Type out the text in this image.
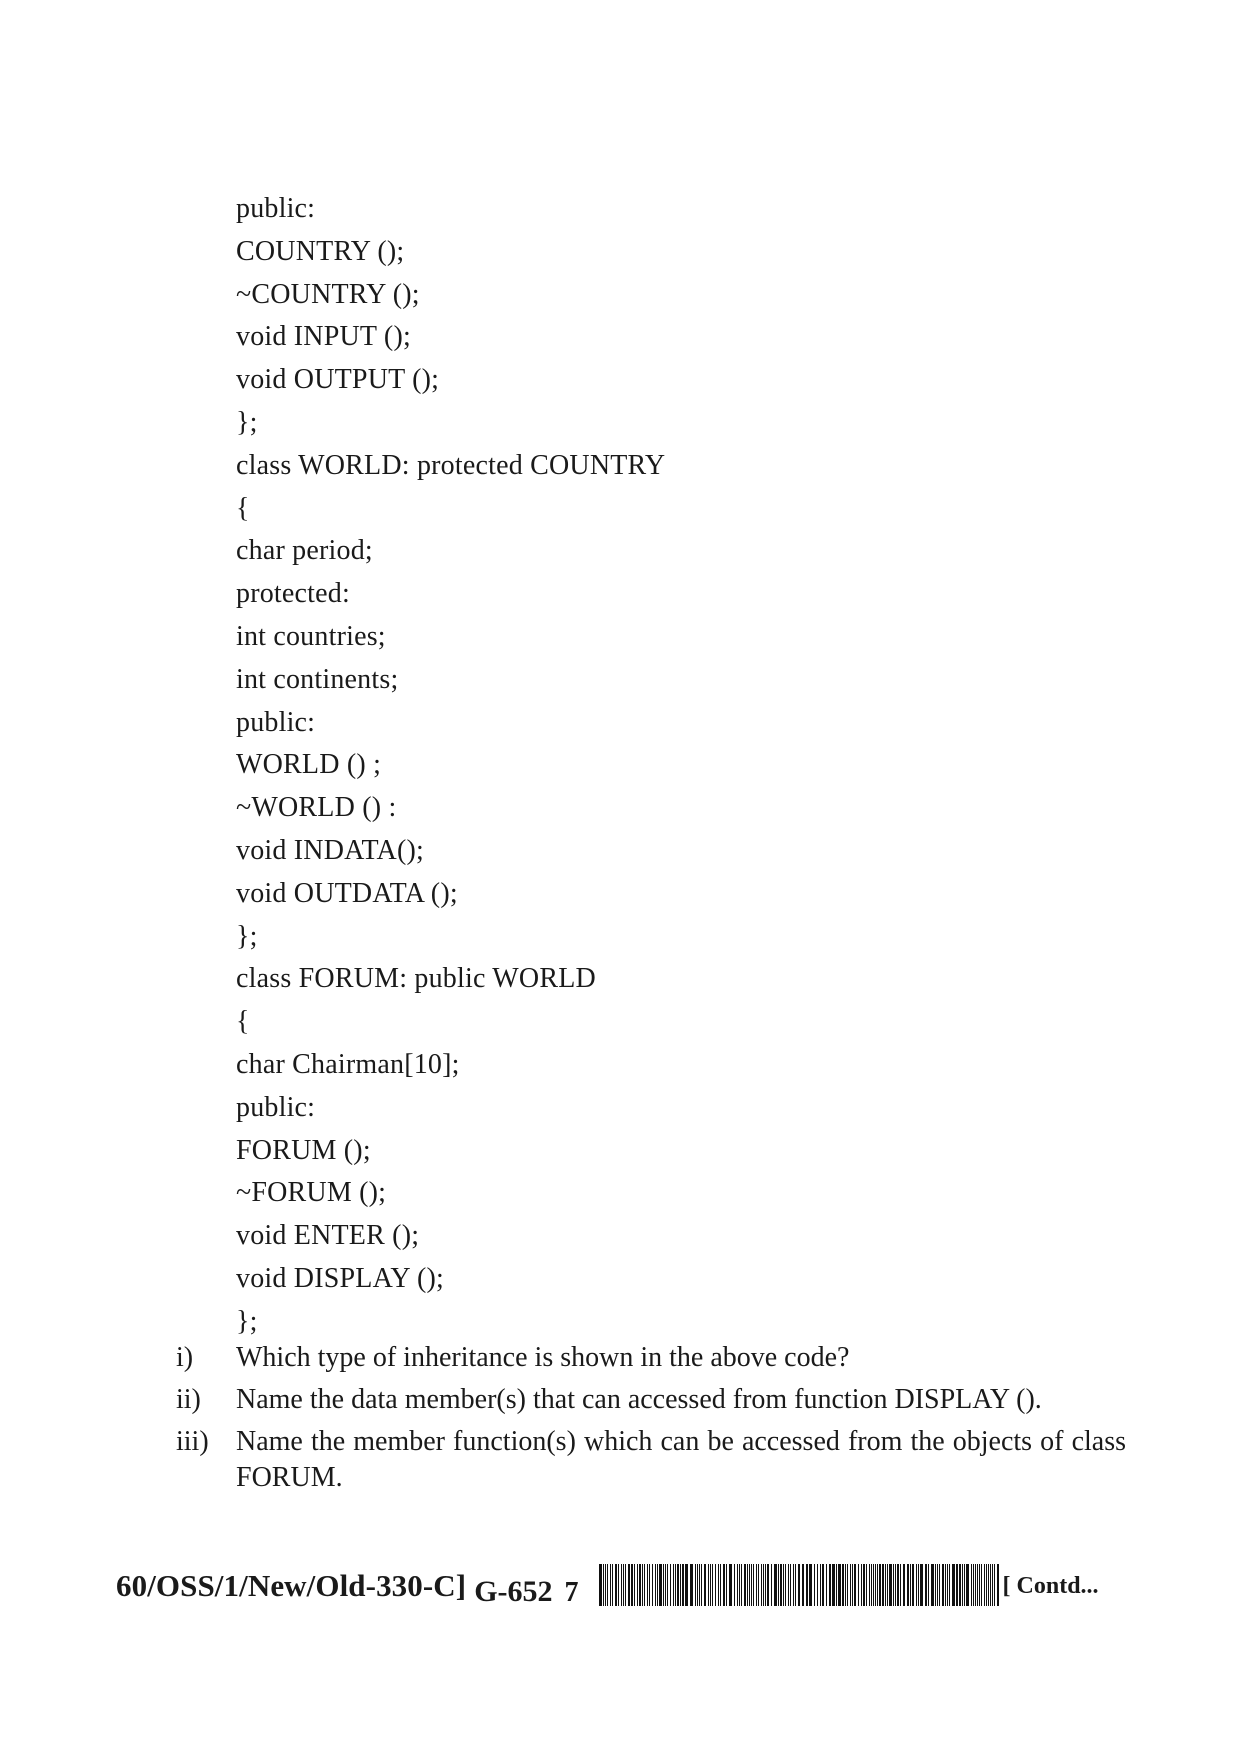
public:
COUNTRY ();
~COUNTRY ();
void INPUT ();
void OUTPUT ();
};
class WORLD: protected COUNTRY
{
char period;
protected:
int countries;
int continents;
public:
WORLD () ;
~WORLD () :
void INDATA();
void OUTDATA ();
};
class FORUM: public WORLD
{
char Chairman[10];
public:
FORUM ();
~FORUM ();
void ENTER ();
void DISPLAY ();
};
i)	Which type of inheritance is shown in the above code?
ii)	Name the data member(s) that can accessed from function DISPLAY ().
iii) Name the member function(s) which can be accessed from the objects of class FORUM.
60/OSS/1/New/Old-330-C] G-652 7	[ Contd...
